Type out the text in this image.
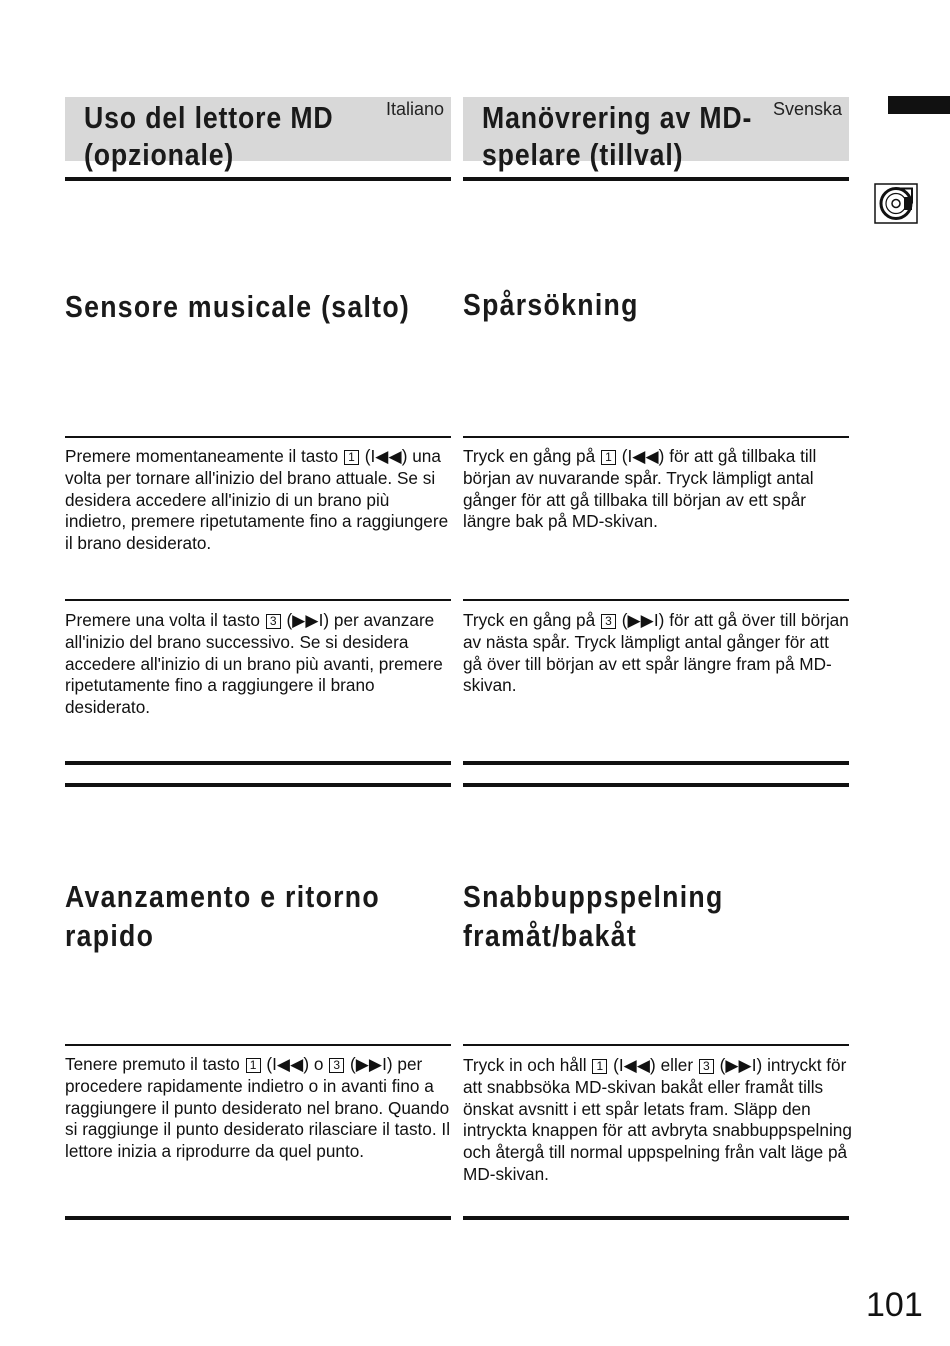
Uso del lettore MD
(opzionale)
Italiano Manövrering av MD-
spelare (tillval)
Svenska
Sensore musicale (salto) Spårsökning
Premere momentaneamente il tasto 1 (I◀◀) una volta per tornare all'inizio del brano attuale. Se si desidera accedere all'inizio di un brano più indietro, premere ripetutamente fino a raggiungere il brano desiderato.
Tryck en gång på 1 (I◀◀) för att gå tillbaka till början av nuvarande spår. Tryck lämpligt antal gånger för att gå tillbaka till början av ett spår längre bak på MD-skivan.
Premere una volta il tasto 3 (▶▶I) per avanzare all'inizio del brano successivo. Se si desidera accedere all'inizio di un brano più avanti, premere ripetutamente fino a raggiungere il brano desiderato.
Tryck en gång på 3 (▶▶I) för att gå över till början av nästa spår. Tryck lämpligt antal gånger för att gå över till början av ett spår längre fram på MD-skivan.
Avanzamento e ritorno
rapido
Snabbuppspelning
framåt/bakåt
Tenere premuto il tasto 1 (I◀◀) o 3 (▶▶I) per procedere rapidamente indietro o in avanti fino a raggiungere il punto desiderato nel brano. Quando si raggiunge il punto desiderato rilasciare il tasto. Il lettore inizia a riprodurre da quel punto.
Tryck in och håll 1 (I◀◀) eller 3 (▶▶I) intryckt för att snabbsöka MD-skivan bakåt eller framåt tills önskat avsnitt i ett spår letats fram. Släpp den intryckta knappen för att avbryta snabbuppspelning och återgå till normal uppspelning från valt läge på MD-skivan.
101
